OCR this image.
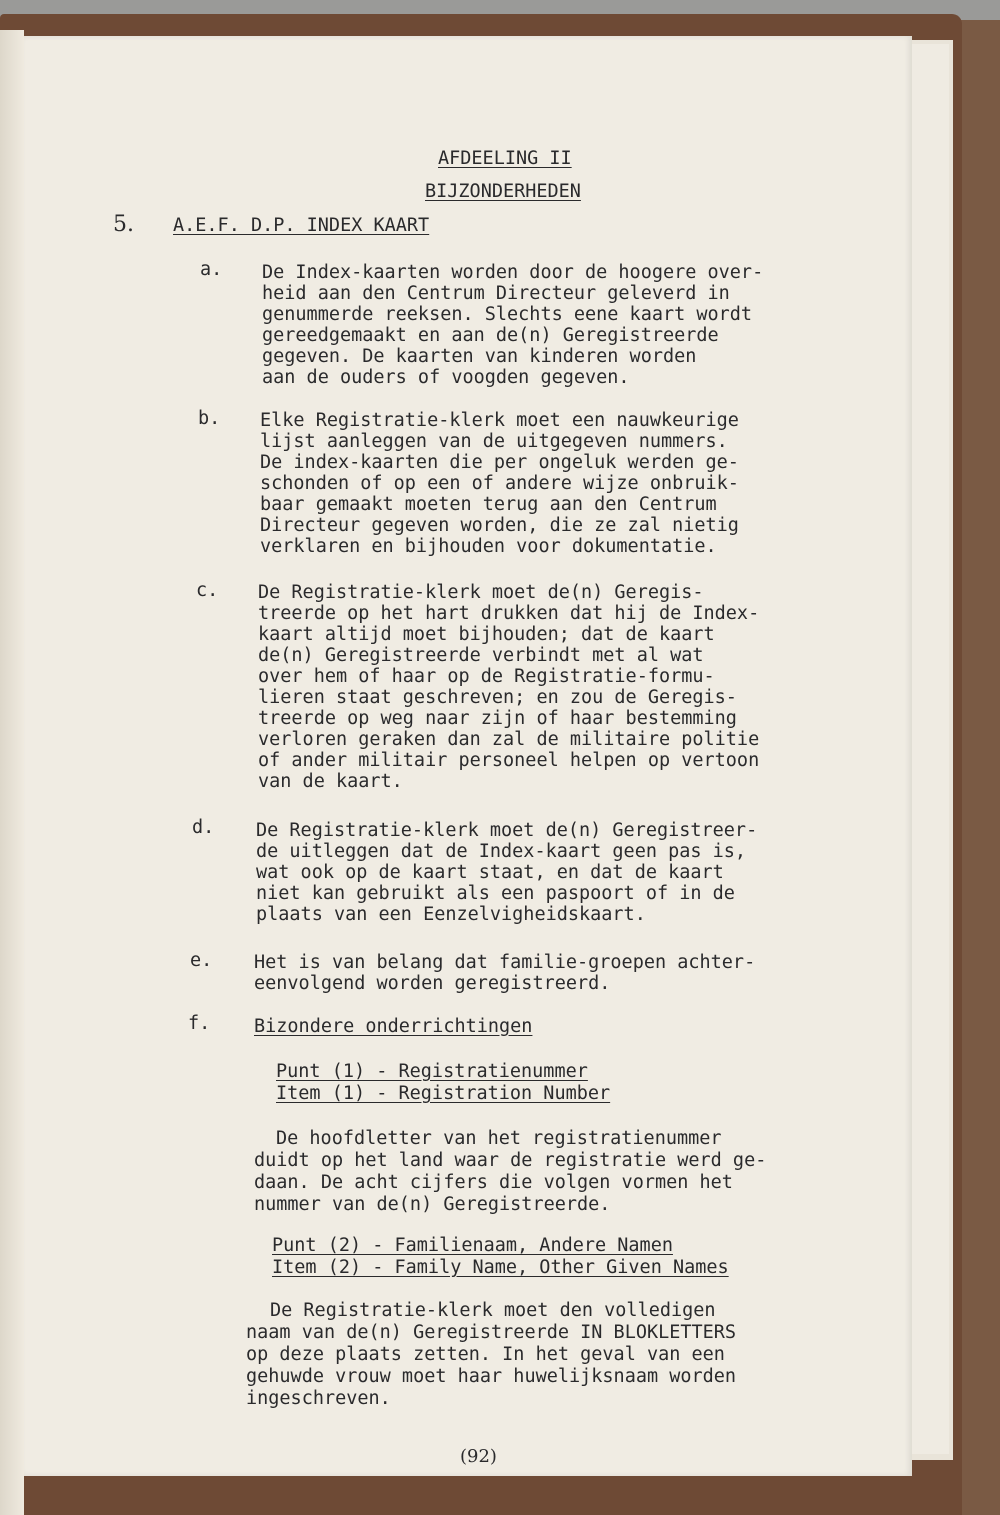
AFDEELING II
BIJZONDERHEDEN
5. A.E.F. D.P. INDEX KAART
a. De Index-kaarten worden door de hoogere over-
heid aan den Centrum Directeur geleverd in
genummerde reeksen. Slechts eene kaart wordt
gereedgemaakt en aan de(n) Geregistreerde
gegeven. De kaarten van kinderen worden
aan de ouders of voogden gegeven.
b. Elke Registratie-klerk moet een nauwkeurige
lijst aanleggen van de uitgegeven nummers.
De index-kaarten die per ongeluk werden ge-
schonden of op een of andere wijze onbruik-
baar gemaakt moeten terug aan den Centrum
Directeur gegeven worden, die ze zal nietig
verklaren en bijhouden voor dokumentatie.
c. De Registratie-klerk moet de(n) Geregis-
treerde op het hart drukken dat hij de Index-
kaart altijd moet bijhouden; dat de kaart
de(n) Geregistreerde verbindt met al wat
over hem of haar op de Registratie-formu-
lieren staat geschreven; en zou de Geregis-
treerde op weg naar zijn of haar bestemming
verloren geraken dan zal de militaire politie
of ander militair personeel helpen op vertoon
van de kaart.
d. De Registratie-klerk moet de(n) Geregistreer-
de uitleggen dat de Index-kaart geen pas is,
wat ook op de kaart staat, en dat de kaart
niet kan gebruikt als een paspoort of in de
plaats van een Eenzelvigheidskaart.
e. Het is van belang dat familie-groepen achter-
eenvolgend worden geregistreerd.
f. Bizondere onderrichtingen
Punt (1) - Registratienummer
Item (1) - Registration Number
De hoofdletter van het registratienummer
duidt op het land waar de registratie werd ge-
daan. De acht cijfers die volgen vormen het
nummer van de(n) Geregistreerde.
Punt (2) - Familienaam, Andere Namen
Item (2) - Family Name, Other Given Names
De Registratie-klerk moet den volledigen
naam van de(n) Geregistreerde IN BLOKLETTERS
op deze plaats zetten. In het geval van een
gehuwde vrouw moet haar huwelijksnaam worden
ingeschreven.
(92)
